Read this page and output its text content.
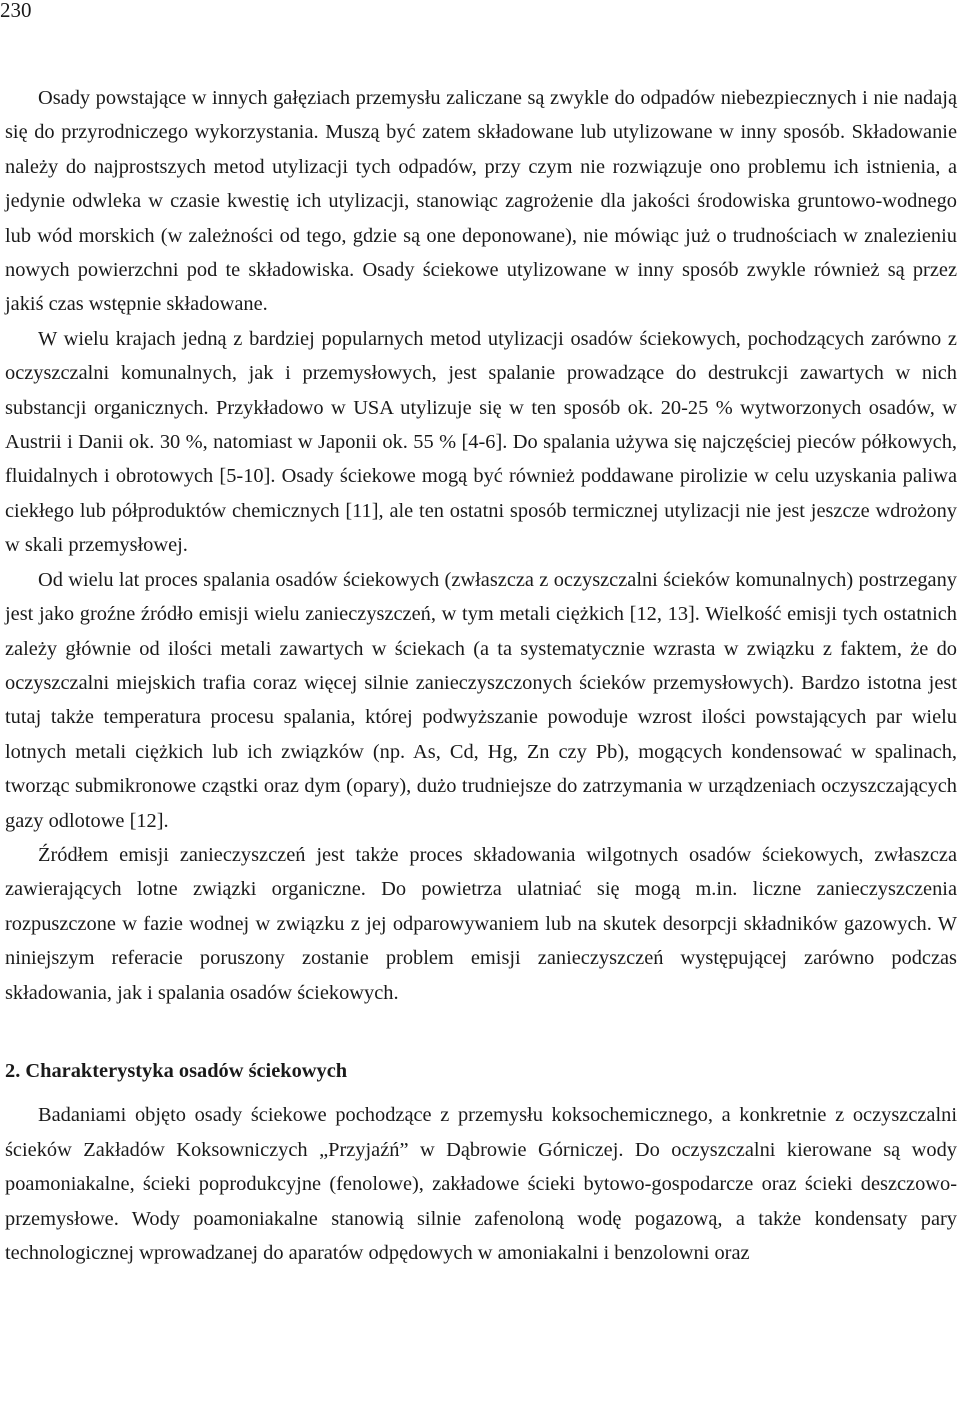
230

Osady powstające w innych gałęziach przemysłu zaliczane są zwykle do odpadów niebezpiecznych i nie nadają się do przyrodniczego wykorzystania. Muszą być zatem składowane lub utylizowane w inny sposób. Składowanie należy do najprostszych metod utylizacji tych odpadów, przy czym nie rozwiązuje ono problemu ich istnienia, a jedynie odwleka w czasie kwestię ich utylizacji, stanowiąc zagrożenie dla jakości środowiska gruntowo-wodnego lub wód morskich (w zależności od tego, gdzie są one deponowane), nie mówiąc już o trudnościach w znalezieniu nowych powierzchni pod te składowiska. Osady ściekowe utylizowane w inny sposób zwykle również są przez jakiś czas wstępnie składowane.

W wielu krajach jedną z bardziej popularnych metod utylizacji osadów ściekowych, pochodzących zarówno z oczyszczalni komunalnych, jak i przemysłowych, jest spalanie prowadzące do destrukcji zawartych w nich substancji organicznych. Przykładowo w USA utylizuje się w ten sposób ok. 20-25 % wytworzonych osadów, w Austrii i Danii ok. 30 %, natomiast w Japonii ok. 55 % [4-6]. Do spalania używa się najczęściej pieców półkowych, fluidalnych i obrotowych [5-10]. Osady ściekowe mogą być również poddawane pirolizie w celu uzyskania paliwa ciekłego lub półproduktów chemicznych [11], ale ten ostatni sposób termicznej utylizacji nie jest jeszcze wdrożony w skali przemysłowej.

Od wielu lat proces spalania osadów ściekowych (zwłaszcza z oczyszczalni ścieków komunalnych) postrzegany jest jako groźne źródło emisji wielu zanieczyszczeń, w tym metali ciężkich [12, 13]. Wielkość emisji tych ostatnich zależy głównie od ilości metali zawartych w ściekach (a ta systematycznie wzrasta w związku z faktem, że do oczyszczalni miejskich trafia coraz więcej silnie zanieczyszczonych ścieków przemysłowych). Bardzo istotna jest tutaj także temperatura procesu spalania, której podwyższanie powoduje wzrost ilości powstających par wielu lotnych metali ciężkich lub ich związków (np. As, Cd, Hg, Zn czy Pb), mogących kondensować w spalinach, tworząc submikronowe cząstki oraz dym (opary), dużo trudniejsze do zatrzymania w urządzeniach oczyszczających gazy odlotowe [12].

Źródłem emisji zanieczyszczeń jest także proces składowania wilgotnych osadów ściekowych, zwłaszcza zawierających lotne związki organiczne. Do powietrza ulatniać się mogą m.in. liczne zanieczyszczenia rozpuszczone w fazie wodnej w związku z jej odparowywaniem lub na skutek desorpcji składników gazowych. W niniejszym referacie poruszony zostanie problem emisji zanieczyszczeń występującej zarówno podczas składowania, jak i spalania osadów ściekowych.

2. Charakterystyka osadów ściekowych

Badaniami objęto osady ściekowe pochodzące z przemysłu koksochemicznego, a konkretnie z oczyszczalni ścieków Zakładów Koksowniczych „Przyjaźń” w Dąbrowie Górniczej. Do oczyszczalni kierowane są wody poamoniakalne, ścieki poprodukcyjne (fenolowe), zakładowe ścieki bytowo-gospodarcze oraz ścieki deszczowo-przemysłowe. Wody poamoniakalne stanowią silnie zafenoloną wodę pogazową, a także kondensaty pary technologicznej wprowadzanej do aparatów odpędowych w amoniakalni i benzolowni oraz
